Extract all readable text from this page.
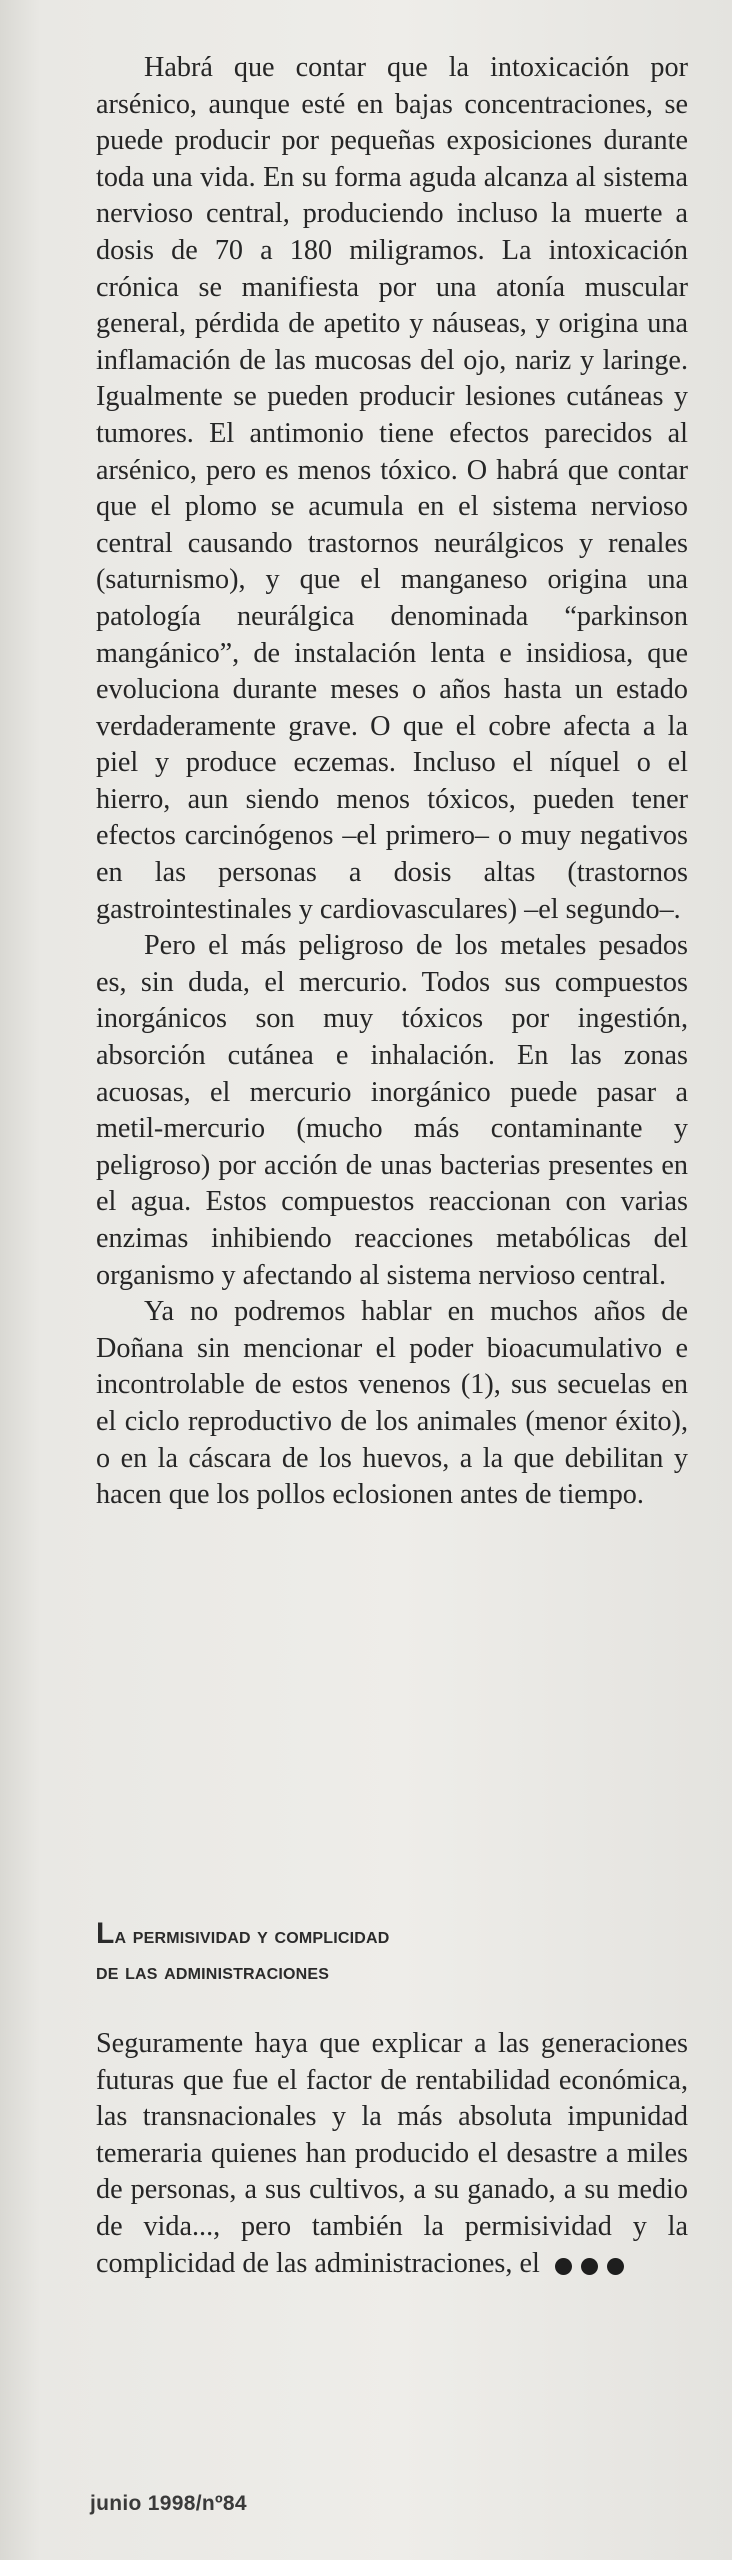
Habrá que contar que la intoxicación por arsénico, aunque esté en bajas concentraciones, se puede producir por pequeñas exposiciones durante toda una vida. En su forma aguda alcanza al sistema nervioso central, produciendo incluso la muerte a dosis de 70 a 180 miligramos. La intoxicación crónica se manifiesta por una atonía muscular general, pérdida de apetito y náuseas, y origina una inflamación de las mucosas del ojo, nariz y laringe. Igualmente se pueden producir lesiones cutáneas y tumores. El antimonio tiene efectos parecidos al arsénico, pero es menos tóxico. O habrá que contar que el plomo se acumula en el sistema nervioso central causando trastornos neurálgicos y renales (saturnismo), y que el manganeso origina una patología neurálgica denominada “parkinson mangánico”, de instalación lenta e insidiosa, que evoluciona durante meses o años hasta un estado verdaderamente grave. O que el cobre afecta a la piel y produce eczemas. Incluso el níquel o el hierro, aun siendo menos tóxicos, pueden tener efectos carcinógenos –el primero– o muy negativos en las personas a dosis altas (trastornos gastrointestinales y cardiovasculares) –el segundo–.

Pero el más peligroso de los metales pesados es, sin duda, el mercurio. Todos sus compuestos inorgánicos son muy tóxicos por ingestión, absorción cutánea e inhalación. En las zonas acuosas, el mercurio inorgánico puede pasar a metil-mercurio (mucho más contaminante y peligroso) por acción de unas bacterias presentes en el agua. Estos compuestos reaccionan con varias enzimas inhibiendo reacciones metabólicas del organismo y afectando al sistema nervioso central.

Ya no podremos hablar en muchos años de Doñana sin mencionar el poder bioacumulativo e incontrolable de estos venenos (1), sus secuelas en el ciclo reproductivo de los animales (menor éxito), o en la cáscara de los huevos, a la que debilitan y hacen que los pollos eclosionen antes de tiempo.

La permisividad y complicidad
de las administraciones

Seguramente haya que explicar a las generaciones futuras que fue el factor de rentabilidad económica, las transnacionales y la más absoluta impunidad temeraria quienes han producido el desastre a miles de personas, a sus cultivos, a su ganado, a su medio de vida..., pero también la permisividad y la complicidad de las administraciones, el

junio 1998/nº84
